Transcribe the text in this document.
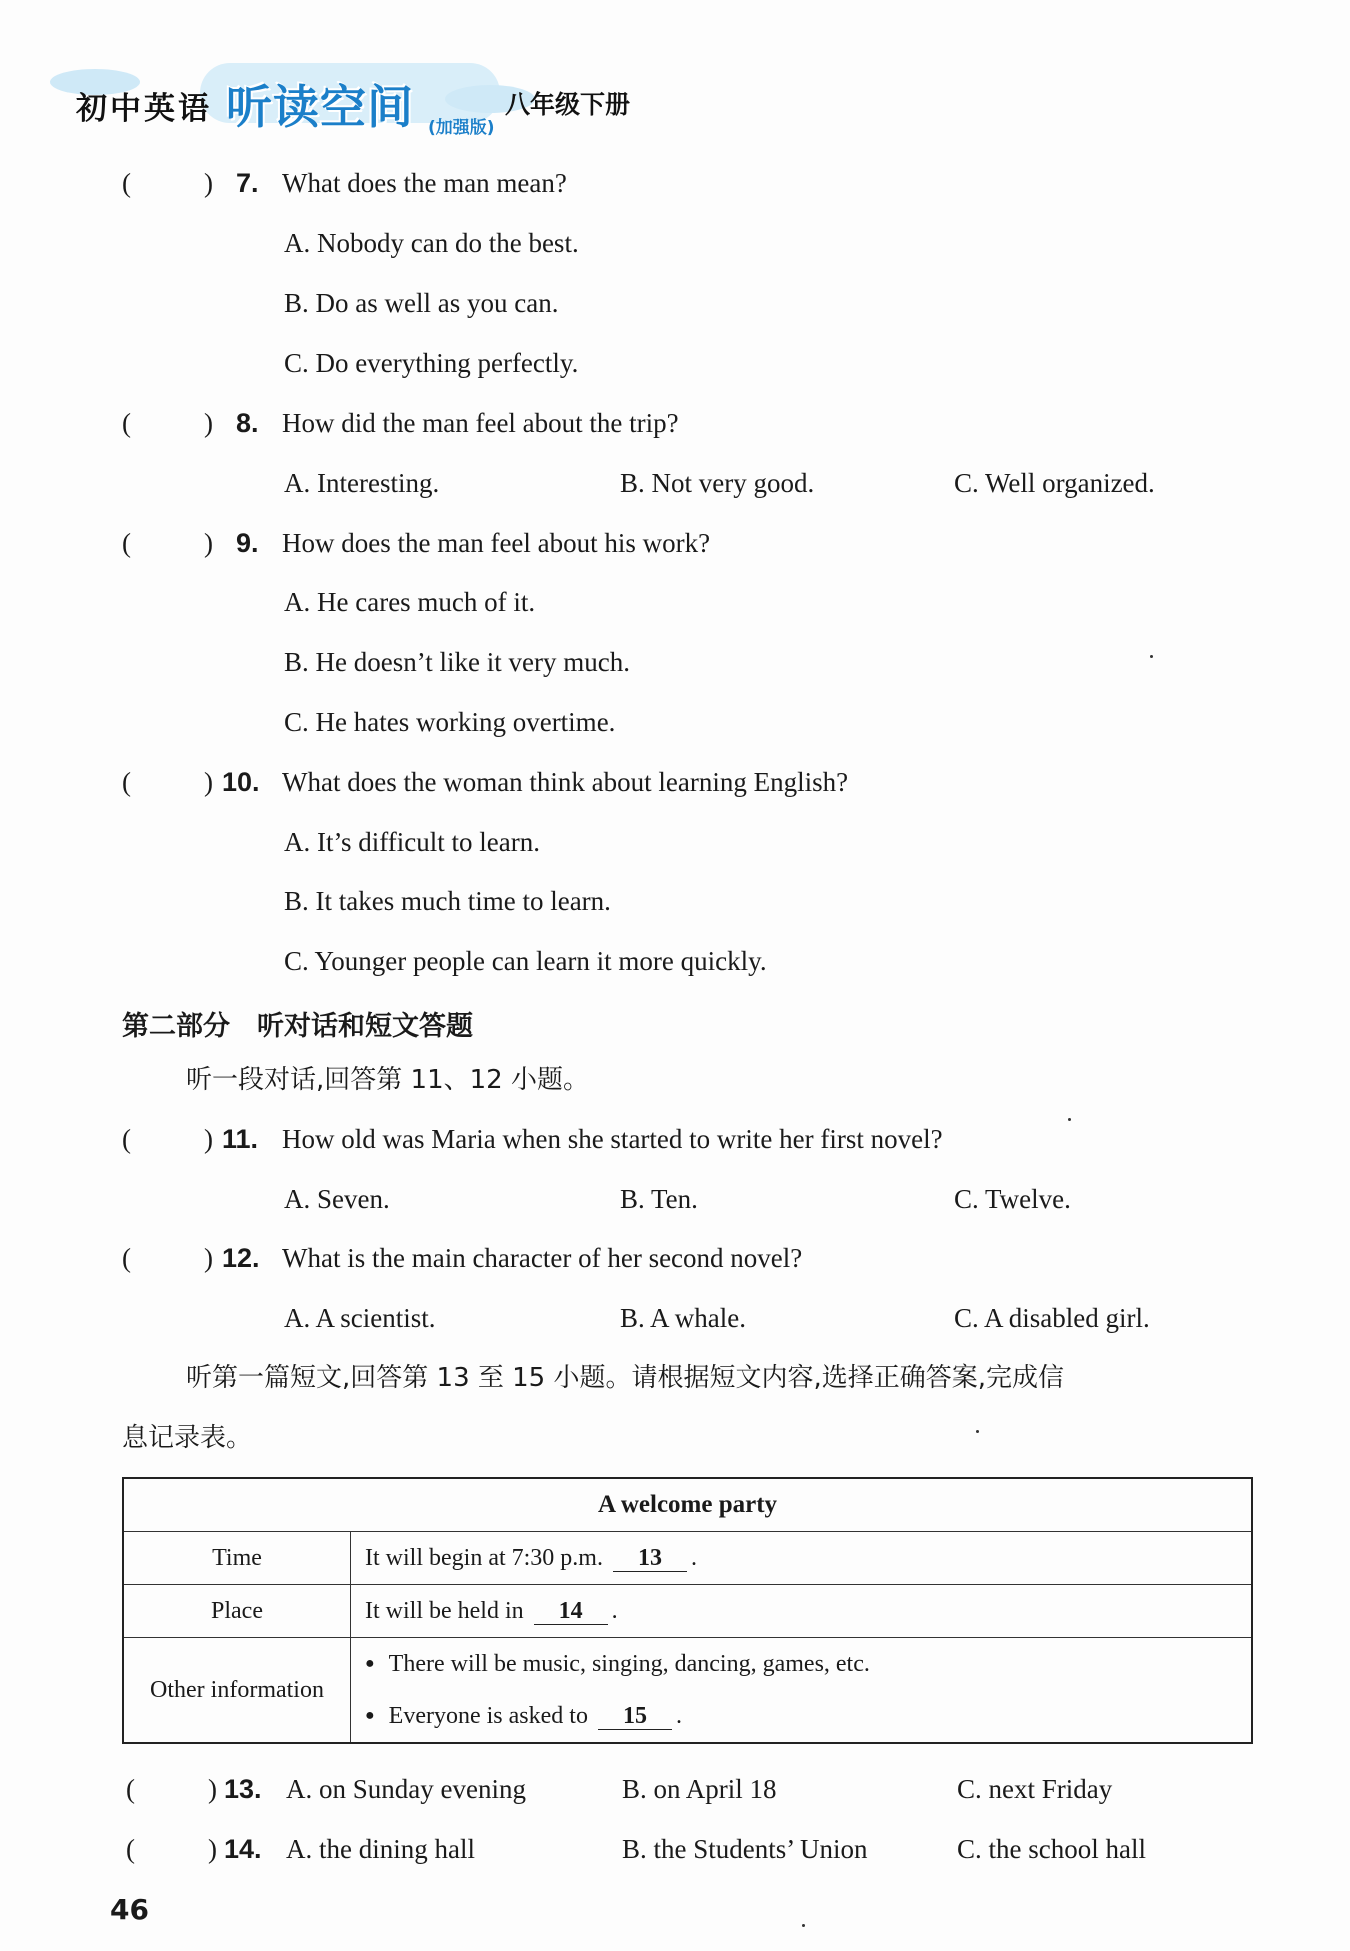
初中英语 听读空间 (加强版)
八年级下册
(	) 7. What does the man mean?
A. Nobody can do the best.
B. Do as well as you can.
C. Do everything perfectly.
(	) 8. How did the man feel about the trip?
A. Interesting.	B. Not very good.	C. Well organized.
(	) 9. How does the man feel about his work?
A. He cares much of it.
B. He doesn’t like it very much.
C. He hates working overtime.
(	) 10. What does the woman think about learning English?
A. It’s difficult to learn.
B. It takes much time to learn.
C. Younger people can learn it more quickly.
第二部分　听对话和短文答题
听一段对话,回答第 11、12 小题。
(	) 11. How old was Maria when she started to write her first novel?
A. Seven.	B. Ten.	C. Twelve.
(	) 12. What is the main character of her second novel?
A. A scientist.	B. A whale.	C. A disabled girl.
听第一篇短文,回答第 13 至 15 小题。请根据短文内容,选择正确答案,完成信
息记录表。
A welcome party	
Time	It will begin at 7:30 p.m. 13 .
Place	It will be held in 14 .
Other information	● There will be music, singing, dancing, games, etc.
● Everyone is asked to 15 .
(	) 13. A. on Sunday evening	B. on April 18	C. next Friday
(	) 14. A. the dining hall	B. the Students’ Union	C. the school hall
46
